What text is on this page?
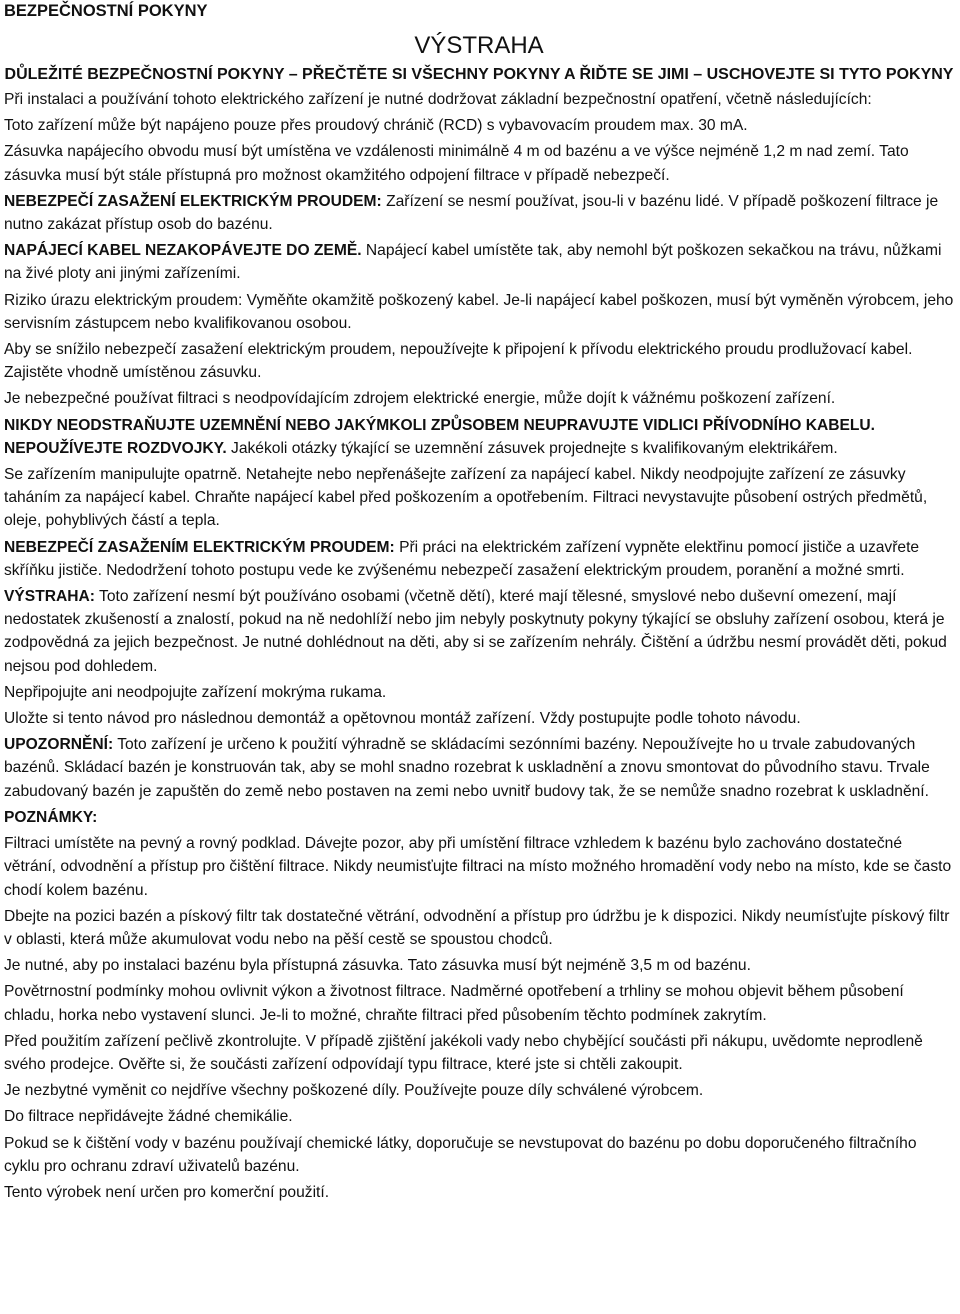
BEZPEČNOSTNÍ POKYNY
VÝSTRAHA
DŮLEŽITÉ BEZPEČNOSTNÍ POKYNY – PŘEČTĚTE SI VŠECHNY POKYNY A ŘIĎTE SE JIMI – USCHOVEJTE SI TYTO POKYNY

Při instalaci a používání tohoto elektrického zařízení je nutné dodržovat základní bezpečnostní opatření, včetně následujících:

Toto zařízení může být napájeno pouze přes proudový chránič (RCD) s vybavovacím proudem max. 30 mA.

Zásuvka napájecího obvodu musí být umístěna ve vzdálenosti minimálně 4 m od bazénu a ve výšce nejméně 1,2 m nad zemí. Tato zásuvka musí být stále přístupná pro možnost okamžitého odpojení filtrace v případě nebezpečí.

NEBEZPEČÍ ZASAŽENÍ ELEKTRICKÝM PROUDEM: Zařízení se nesmí používat, jsou-li v bazénu lidé. V případě poškození filtrace je nutno zakázat přístup osob do bazénu.

NAPÁJECÍ KABEL NEZAKOPÁVEJTE DO ZEMĚ. Napájecí kabel umístěte tak, aby nemohl být poškozen sekačkou na trávu, nůžkami na živé ploty ani jinými zařízeními.

Riziko úrazu elektrickým proudem: Vyměňte okamžitě poškozený kabel. Je-li napájecí kabel poškozen, musí být vyměněn výrobcem, jeho servisním zástupcem nebo kvalifikovanou osobou.

Aby se snížilo nebezpečí zasažení elektrickým proudem, nepoužívejte k připojení k přívodu elektrického proudu prodlužovací kabel. Zajistěte vhodně umístěnou zásuvku.

Je nebezpečné používat filtraci s neodpovídajícím zdrojem elektrické energie, může dojít k vážnému poškození zařízení.

NIKDY NEODSTRAŇUJTE UZEMNĚNÍ NEBO JAKÝMKOLI ZPŮSOBEM NEUPRAVUJTE VIDLICI PŘÍVODNÍHO KABELU. NEPOUŽÍVEJTE ROZDVOJKY. Jakékoli otázky týkající se uzemnění zásuvek projednejte s kvalifikovaným elektrikářem.

Se zařízením manipulujte opatrně. Netahejte nebo nepřenášejte zařízení za napájecí kabel. Nikdy neodpojujte zařízení ze zásuvky taháním za napájecí kabel. Chraňte napájecí kabel před poškozením a opotřebením. Filtraci nevystavujte působení ostrých předmětů, oleje, pohyblivých částí a tepla.

NEBEZPEČÍ ZASAŽENÍM ELEKTRICKÝM PROUDEM: Při práci na elektrickém zařízení vypněte elektřinu pomocí jističe a uzavřete skříňku jističe. Nedodržení tohoto postupu vede ke zvýšenému nebezpečí zasažení elektrickým proudem, poranění a možné smrti.

VÝSTRAHA: Toto zařízení nesmí být používáno osobami (včetně dětí), které mají tělesné, smyslové nebo duševní omezení, mají nedostatek zkušeností a znalostí, pokud na ně nedohlíží nebo jim nebyly poskytnuty pokyny týkající se obsluhy zařízení osobou, která je zodpovědná za jejich bezpečnost. Je nutné dohlédnout na děti, aby si se zařízením nehrály. Čištění a údržbu nesmí provádět děti, pokud nejsou pod dohledem.

Nepřipojujte ani neodpojujte zařízení mokrýma rukama.

Uložte si tento návod pro následnou demontáž a opětovnou montáž zařízení. Vždy postupujte podle tohoto návodu.

UPOZORNĚNÍ: Toto zařízení je určeno k použití výhradně se skládacími sezónními bazény. Nepoužívejte ho u trvale zabudovaných bazénů. Skládací bazén je konstruován tak, aby se mohl snadno rozebrat k uskladnění a znovu smontovat do původního stavu. Trvale zabudovaný bazén je zapuštěn do země nebo postaven na zemi nebo uvnitř budovy tak, že se nemůže snadno rozebrat k uskladnění.

POZNÁMKY:

Filtraci umístěte na pevný a rovný podklad. Dávejte pozor, aby při umístění filtrace vzhledem k bazénu bylo zachováno dostatečné větrání, odvodnění a přístup pro čištění filtrace. Nikdy neumisťujte filtraci na místo možného hromadění vody nebo na místo, kde se často chodí kolem bazénu.

Dbejte na pozici bazén a pískový filtr tak dostatečné větrání, odvodnění a přístup pro údržbu je k dispozici. Nikdy neumísťujte pískový filtr v oblasti, která může akumulovat vodu nebo na pěší cestě se spoustou chodců.

Je nutné, aby po instalaci bazénu byla přístupná zásuvka. Tato zásuvka musí být nejméně 3,5 m od bazénu.

Povětrnostní podmínky mohou ovlivnit výkon a životnost filtrace. Nadměrné opotřebení a trhliny se mohou objevit během působení chladu, horka nebo vystavení slunci. Je-li to možné, chraňte filtraci před působením těchto podmínek zakrytím.

Před použitím zařízení pečlivě zkontrolujte. V případě zjištění jakékoli vady nebo chybějící součásti při nákupu, uvědomte neprodleně svého prodejce. Ověřte si, že součásti zařízení odpovídají typu filtrace, které jste si chtěli zakoupit.

Je nezbytné vyměnit co nejdříve všechny poškozené díly. Používejte pouze díly schválené výrobcem.

Do filtrace nepřidávejte žádné chemikálie.

Pokud se k čištění vody v bazénu používají chemické látky, doporučuje se nevstupovat do bazénu po dobu doporučeného filtračního cyklu pro ochranu zdraví uživatelů bazénu.

Tento výrobek není určen pro komerční použití.
